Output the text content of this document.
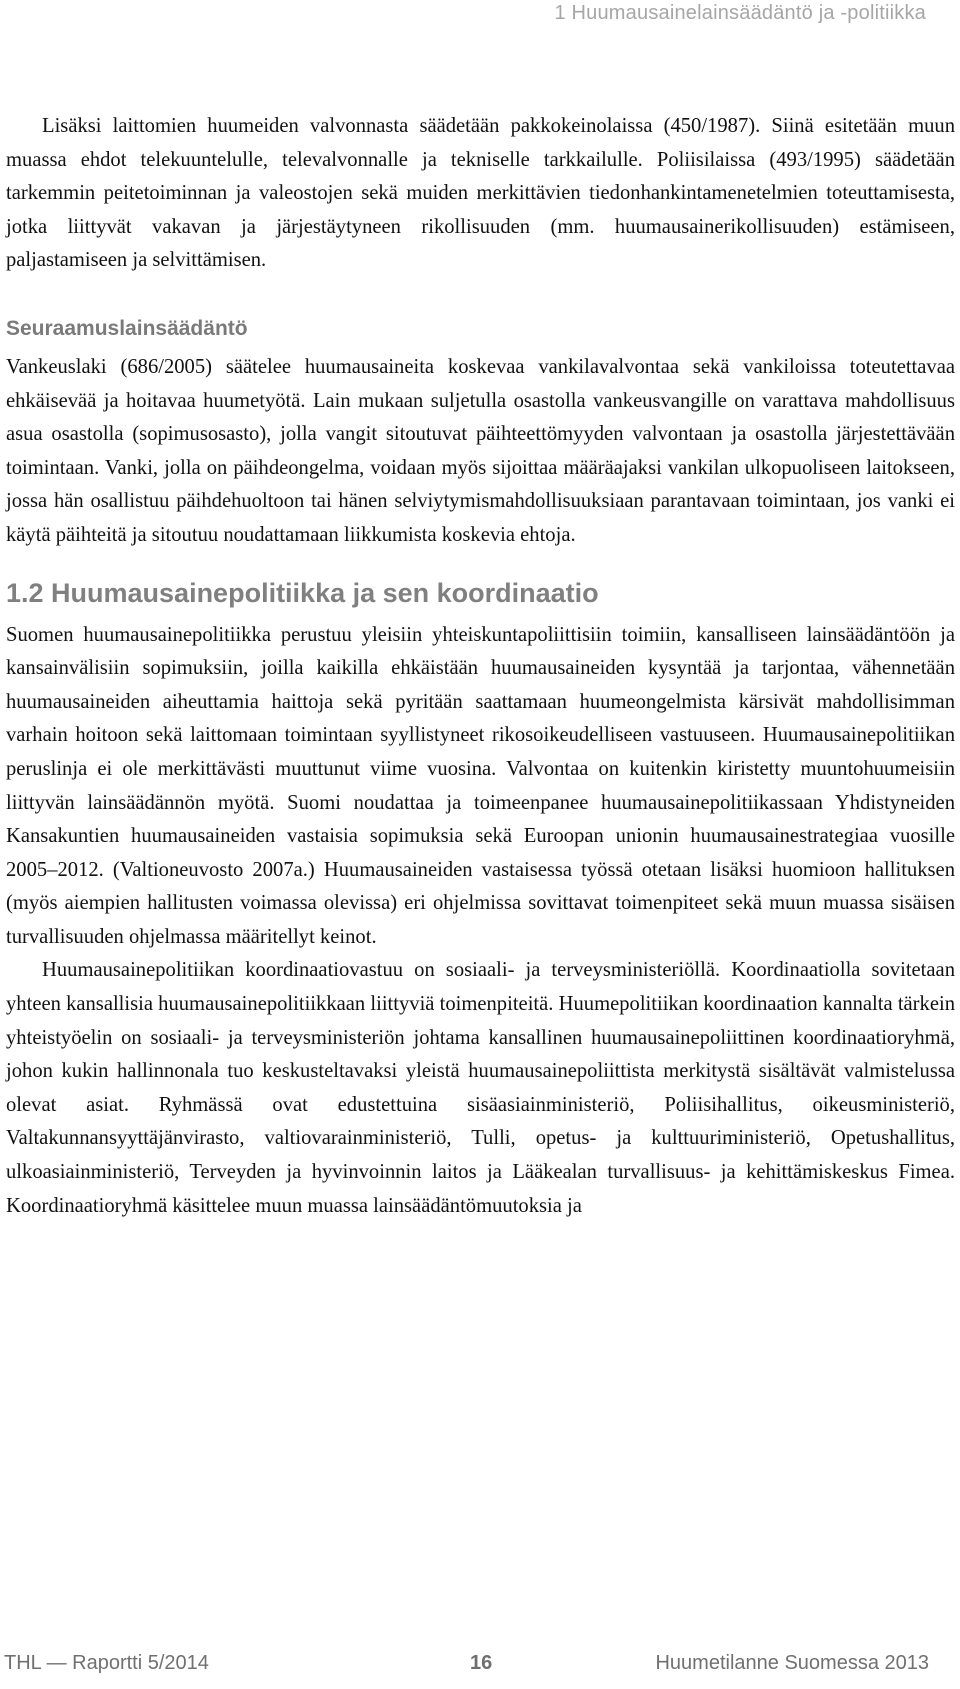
1 Huumausainelainsäädäntö ja -politiikka

Lisäksi laittomien huumeiden valvonnasta säädetään pakkokeinolaissa (450/1987). Siinä esitetään muun muassa ehdot telekuuntelulle, televalvonnalle ja tekniselle tarkkailulle. Poliisilaissa (493/1995) säädetään tarkemmin peitetoiminnan ja valeostojen sekä muiden merkittävien tiedonhankintamenetelmien toteuttamisesta, jotka liittyvät vakavan ja järjestäytyneen rikollisuuden (mm. huumausainerikollisuuden) estämiseen, paljastamiseen ja selvittämisen.

Seuraamuslainsäädäntö

Vankeuslaki (686/2005) säätelee huumausaineita koskevaa vankilavalvontaa sekä vankiloissa toteutettavaa ehkäisevää ja hoitavaa huumetyötä. Lain mukaan suljetulla osastolla vankeusvangille on varattava mahdollisuus asua osastolla (sopimusosasto), jolla vangit sitoutuvat päihteettömyyden valvontaan ja osastolla järjestettävään toimintaan. Vanki, jolla on päihdeongelma, voidaan myös sijoittaa määräajaksi vankilan ulkopuoliseen laitokseen, jossa hän osallistuu päihdehuoltoon tai hänen selviytymismahdollisuuksiaan parantavaan toimintaan, jos vanki ei käytä päihteitä ja sitoutuu noudattamaan liikkumista koskevia ehtoja.

1.2 Huumausainepolitiikka ja sen koordinaatio

Suomen huumausainepolitiikka perustuu yleisiin yhteiskuntapoliittisiin toimiin, kansalliseen lainsäädäntöön ja kansainvälisiin sopimuksiin, joilla kaikilla ehkäistään huumausaineiden kysyntää ja tarjontaa, vähennetään huumausaineiden aiheuttamia haittoja sekä pyritään saattamaan huumeongelmista kärsivät mahdollisimman varhain hoitoon sekä laittomaan toimintaan syyllistyneet rikosoikeudelliseen vastuuseen. Huumausainepolitiikan peruslinja ei ole merkittävästi muuttunut viime vuosina. Valvontaa on kuitenkin kiristetty muuntohuumeisiin liittyvän lainsäädännön myötä. Suomi noudattaa ja toimeenpanee huumausainepolitiikassaan Yhdistyneiden Kansakuntien huumausaineiden vastaisia sopimuksia sekä Euroopan unionin huumausainestrategiaa vuosille 2005–2012. (Valtioneuvosto 2007a.) Huumausaineiden vastaisessa työssä otetaan lisäksi huomioon hallituksen (myös aiempien hallitusten voimassa olevissa) eri ohjelmissa sovittavat toimenpiteet sekä muun muassa sisäisen turvallisuuden ohjelmassa määritellyt keinot.

Huumausainepolitiikan koordinaatiovastuu on sosiaali- ja terveysministeriöllä. Koordinaatiolla sovitetaan yhteen kansallisia huumausainepolitiikkaan liittyviä toimenpiteitä. Huumepolitiikan koordinaation kannalta tärkein yhteistyöelin on sosiaali- ja terveysministeriön johtama kansallinen huumausainepoliittinen koordinaatioryhmä, johon kukin hallinnonala tuo keskusteltavaksi yleistä huumausainepoliittista merkitystä sisältävät valmistelussa olevat asiat. Ryhmässä ovat edustettuina sisäasiainministeriö, Poliisihallitus, oikeusministeriö, Valtakunnansyyttäjänvirasto, valtiovarainministeriö, Tulli, opetus- ja kulttuuriministeriö, Opetushallitus, ulkoasiainministeriö, Terveyden ja hyvinvoinnin laitos ja Lääkealan turvallisuus- ja kehittämiskeskus Fimea. Koordinaatioryhmä käsittelee muun muassa lainsäädäntömuutoksia ja

THL — Raportti 5/2014	16	Huumetilanne Suomessa 2013
